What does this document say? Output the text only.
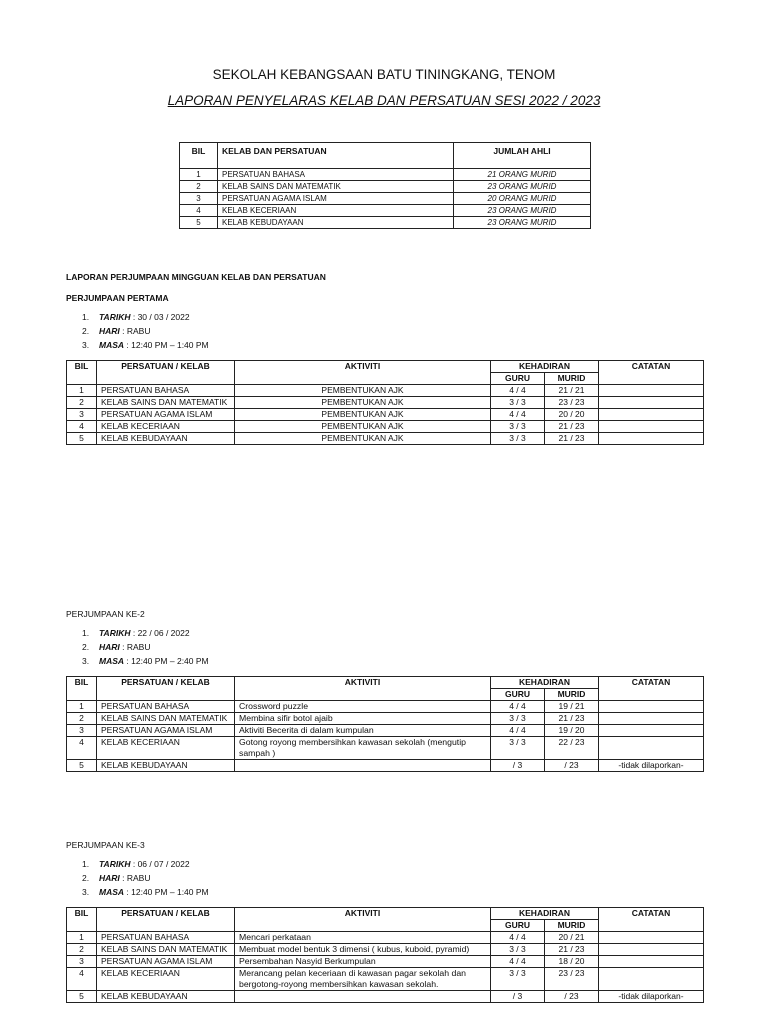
SEKOLAH KEBANGSAAN BATU TININGKANG, TENOM
LAPORAN PENYELARAS KELAB DAN PERSATUAN SESI 2022 / 2023
BIL	KELAB DAN PERSATUAN	JUMLAH AHLI
1	PERSATUAN BAHASA	21 ORANG MURID
2	KELAB SAINS DAN MATEMATIK	23 ORANG MURID
3	PERSATUAN AGAMA ISLAM	20 ORANG MURID
4	KELAB KECERIAAN	23 ORANG MURID
5	KELAB KEBUDAYAAN	23 ORANG MURID
LAPORAN PERJUMPAAN MINGGUAN KELAB DAN PERSATUAN
PERJUMPAAN PERTAMA
1. TARIKH : 30 / 03 / 2022
2. HARI : RABU
3. MASA : 12:40 PM – 1:40 PM
BIL	PERSATUAN / KELAB	AKTIVITI	KEHADIRAN		CATATAN
			GURU	MURID	
1	PERSATUAN BAHASA	PEMBENTUKAN AJK	4 / 4	21 / 21	
2	KELAB SAINS DAN MATEMATIK	PEMBENTUKAN AJK	3 / 3	23 / 23	
3	PERSATUAN AGAMA ISLAM	PEMBENTUKAN AJK	4 / 4	20 / 20	
4	KELAB KECERIAAN	PEMBENTUKAN AJK	3 / 3	21 / 23	
5	KELAB KEBUDAYAAN	PEMBENTUKAN AJK	3 / 3	21 / 23	
PERJUMPAAN KE-2
1. TARIKH : 22 / 06 / 2022
2. HARI : RABU
3. MASA : 12:40 PM – 2:40 PM
BIL	PERSATUAN / KELAB	AKTIVITI	KEHADIRAN		CATATAN
			GURU	MURID	
1	PERSATUAN BAHASA	Crossword puzzle	4 / 4	19 / 21	
2	KELAB SAINS DAN MATEMATIK	Membina sifir botol ajaib	3 / 3	21 / 23	
3	PERSATUAN AGAMA ISLAM	Aktiviti Becerita di dalam kumpulan	4 / 4	19 / 20	
4	KELAB KECERIAAN	Gotong royong membersihkan kawasan sekolah (mengutip sampah )	3 / 3	22 / 23	
5	KELAB KEBUDAYAAN		/ 3	/ 23	-tidak dilaporkan-
PERJUMPAAN KE-3
1. TARIKH : 06 / 07 / 2022
2. HARI : RABU
3. MASA : 12:40 PM – 1:40 PM
BIL	PERSATUAN / KELAB	AKTIVITI	KEHADIRAN		CATATAN
			GURU	MURID	
1	PERSATUAN BAHASA	Mencari perkataan	4 / 4	20 / 21	
2	KELAB SAINS DAN MATEMATIK	Membuat model bentuk 3 dimensi ( kubus, kuboid, pyramid)	3 / 3	21 / 23	
3	PERSATUAN AGAMA ISLAM	Persembahan Nasyid Berkumpulan	4 / 4	18 / 20	
4	KELAB KECERIAAN	Merancang pelan keceriaan di kawasan pagar sekolah dan bergotong-royong membersihkan kawasan sekolah.	3 / 3	23 / 23	
5	KELAB KEBUDAYAAN		/ 3	/ 23	-tidak dilaporkan-
